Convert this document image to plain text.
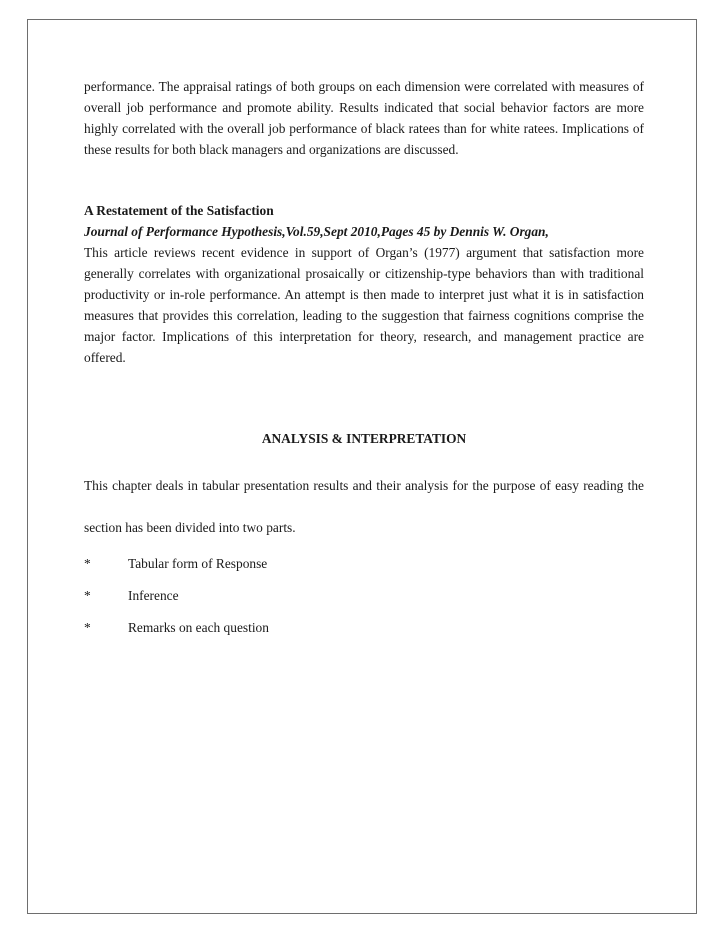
performance. The appraisal ratings of both groups on each dimension were correlated with measures of overall job performance and promote ability. Results indicated that social behavior factors are more highly correlated with the overall job performance of black ratees than for white ratees. Implications of these results for both black managers and organizations are discussed.

A Restatement of the Satisfaction
Journal of Performance Hypothesis,Vol.59,Sept 2010,Pages 45 by Dennis W. Organ,

This article reviews recent evidence in support of Organ’s (1977) argument that satisfaction more generally correlates with organizational prosaically or citizenship-type behaviors than with traditional productivity or in-role performance. An attempt is then made to interpret just what it is in satisfaction measures that provides this correlation, leading to the suggestion that fairness cognitions comprise the major factor. Implications of this interpretation for theory, research, and management practice are offered.

ANALYSIS & INTERPRETATION

This chapter deals in tabular presentation results and their analysis for the purpose of easy reading the section has been divided into two parts.

*	Tabular form of Response
*	Inference
*	Remarks on each question
